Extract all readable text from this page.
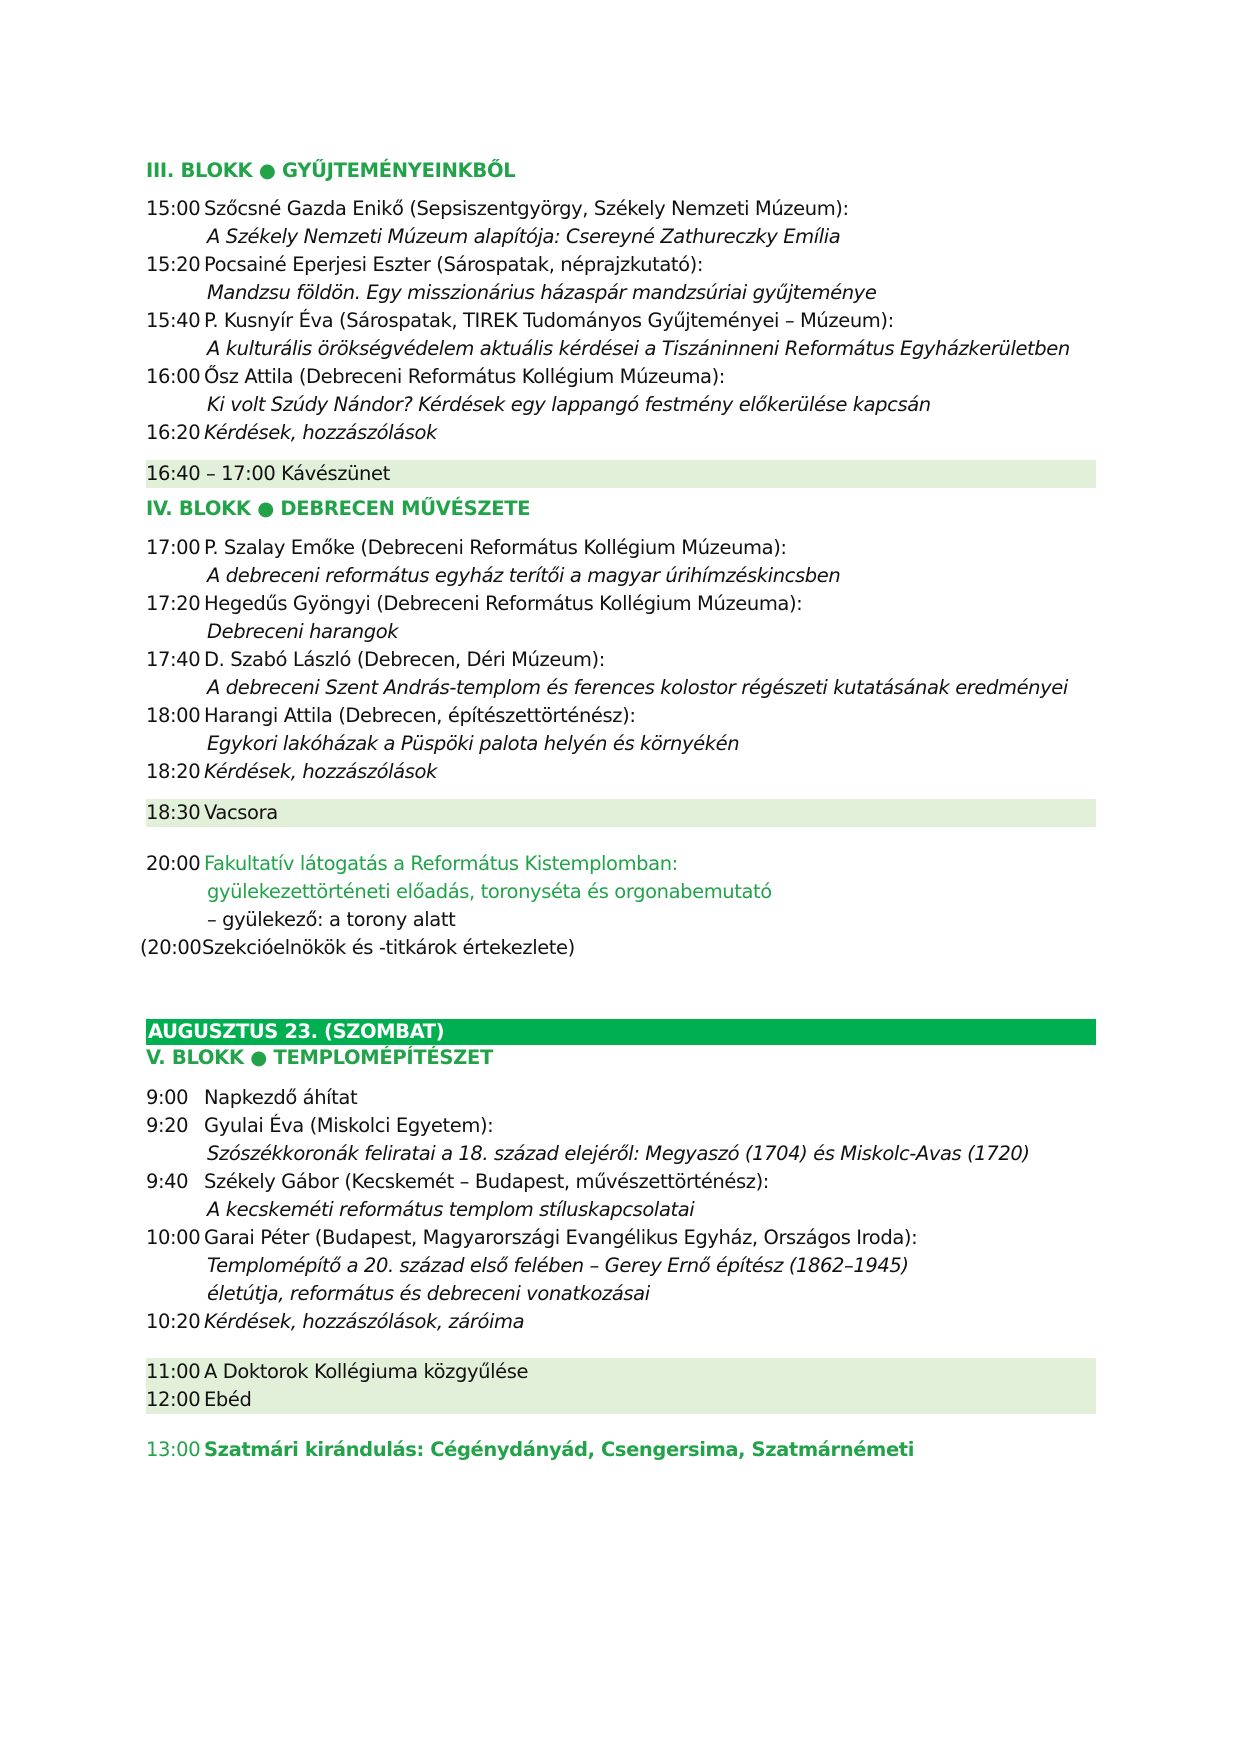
III. BLOKK ● GYŰJTEMÉNYEINKBŐL
15:00 Szőcsné Gazda Enikő (Sepsiszentgyörgy, Székely Nemzeti Múzeum):
A Székely Nemzeti Múzeum alapítója: Csereyné Zathureczky Emília
15:20 Pocsainé Eperjesi Eszter (Sárospatak, néprajzkutató):
Mandzsu földön. Egy misszionárius házaspár mandzsúriai gyűjteménye
15:40 P. Kusnyír Éva (Sárospatak, TIREK Tudományos Gyűjteményei – Múzeum):
A kulturális örökségvédelem aktuális kérdései a Tiszáninneni Református Egyházkerületben
16:00 Ősz Attila (Debreceni Református Kollégium Múzeuma):
Ki volt Szúdy Nándor? Kérdések egy lappangó festmény előkerülése kapcsán
16:20 Kérdések, hozzászólások
16:40 – 17:00 Kávészünet
IV. BLOKK ● DEBRECEN MŰVÉSZETE
17:00 P. Szalay Emőke (Debreceni Református Kollégium Múzeuma):
A debreceni református egyház terítői a magyar úrihímzéskincsben
17:20 Hegedűs Gyöngyi (Debreceni Református Kollégium Múzeuma):
Debreceni harangok
17:40 D. Szabó László (Debrecen, Déri Múzeum):
A debreceni Szent András-templom és ferences kolostor régészeti kutatásának eredményei
18:00 Harangi Attila (Debrecen, építészettörténész):
Egykori lakóházak a Püspöki palota helyén és környékén
18:20 Kérdések, hozzászólások
18:30 Vacsora
20:00 Fakultatív látogatás a Református Kistemplomban:
gyülekezettörténeti előadás, toronyséta és orgonabemutató
– gyülekező: a torony alatt
(20:00 Szekcióelnökök és -titkárok értekezlete)
AUGUSZTUS 23. (SZOMBAT)
V. BLOKK ● TEMPLOMÉPÍTÉSZET
9:00 Napkezdő áhítat
9:20 Gyulai Éva (Miskolci Egyetem):
Szószékkoronák feliratai a 18. század elejéről: Megyaszó (1704) és Miskolc-Avas (1720)
9:40 Székely Gábor (Kecskemét – Budapest, művészettörténész):
A kecskeméti református templom stíluskapcsolatai
10:00 Garai Péter (Budapest, Magyarországi Evangélikus Egyház, Országos Iroda):
Templomépítő a 20. század első felében – Gerey Ernő építész (1862–1945)
életútja, református és debreceni vonatkozásai
10:20 Kérdések, hozzászólások, záróima
11:00 A Doktorok Kollégiuma közgyűlése
12:00 Ebéd
13:00 Szatmári kirándulás: Cégénydányád, Csengersima, Szatmárnémeti
